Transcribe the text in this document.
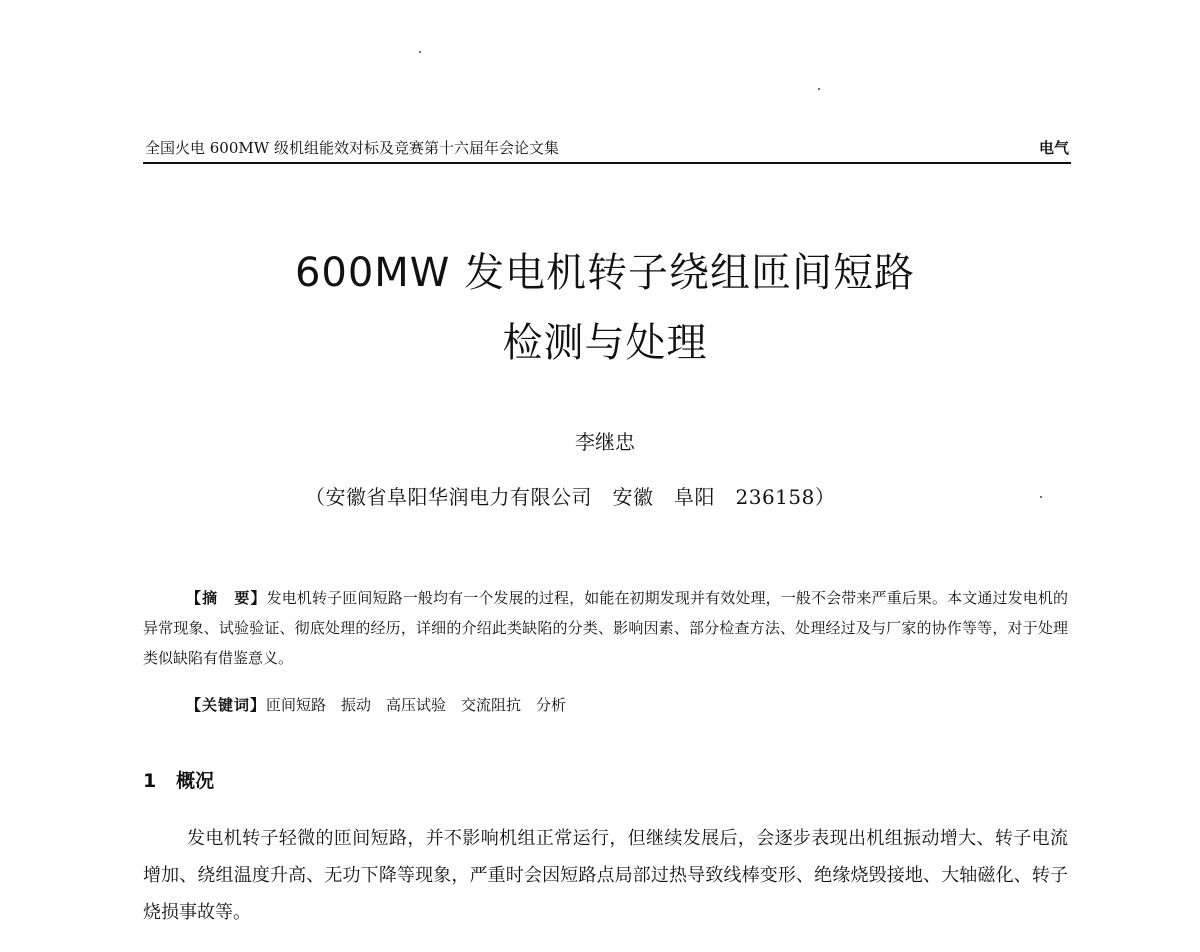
全国火电 600MW 级机组能效对标及竞赛第十六届年会论文集	电气
600MW 发电机转子绕组匝间短路
检测与处理
李继忠
（安徽省阜阳华润电力有限公司　安徽　阜阳　236158）
【摘　要】发电机转子匝间短路一般均有一个发展的过程，如能在初期发现并有效处理，一般不会带来严重后果。本文通过发电机的异常现象、试验验证、彻底处理的经历，详细的介绍此类缺陷的分类、影响因素、部分检查方法、处理经过及与厂家的协作等等，对于处理类似缺陷有借鉴意义。
【关键词】匝间短路　振动　高压试验　交流阻抗　分析
1 概况
发电机转子轻微的匝间短路，并不影响机组正常运行，但继续发展后，会逐步表现出机组振动增大、转子电流增加、绕组温度升高、无功下降等现象，严重时会因短路点局部过热导致线棒变形、绝缘烧毁接地、大轴磁化、转子烧损事故等。
